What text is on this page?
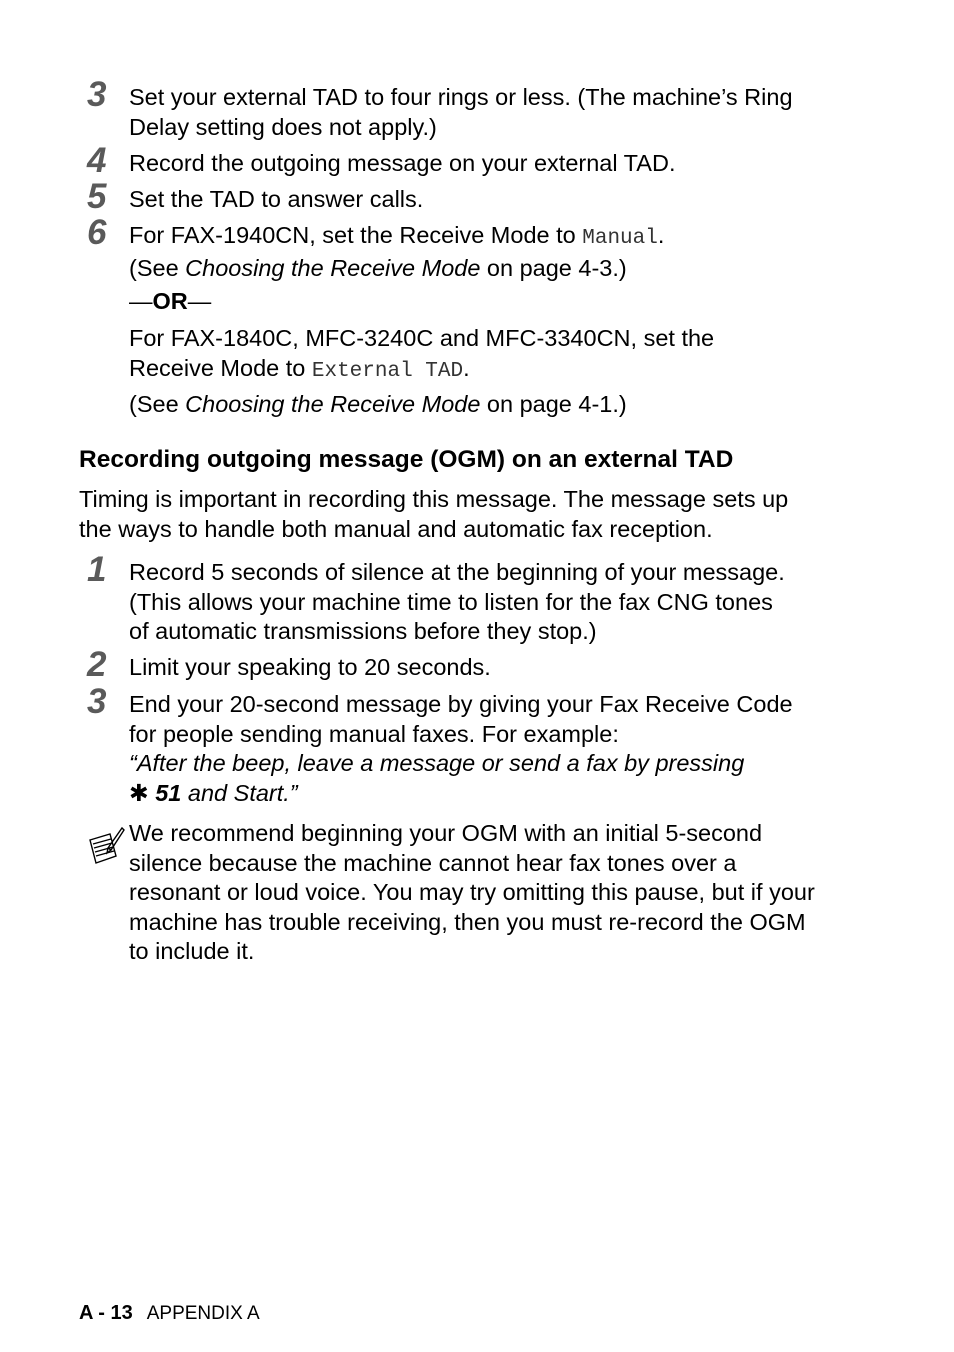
3 Set your external TAD to four rings or less. (The machine’s Ring
Delay setting does not apply.)
4 Record the outgoing message on your external TAD.
5 Set the TAD to answer calls.
6 For FAX-1940CN, set the Receive Mode to Manual.
(See Choosing the Receive Mode on page 4-3.)
—OR—
For FAX-1840C, MFC-3240C and MFC-3340CN, set the
Receive Mode to External TAD.
(See Choosing the Receive Mode on page 4-1.)
Recording outgoing message (OGM) on an external TAD
Timing is important in recording this message. The message sets up
the ways to handle both manual and automatic fax reception.
1 Record 5 seconds of silence at the beginning of your message.
(This allows your machine time to listen for the fax CNG tones
of automatic transmissions before they stop.)
2 Limit your speaking to 20 seconds.
3 End your 20-second message by giving your Fax Receive Code
for people sending manual faxes. For example:
“After the beep, leave a message or send a fax by pressing
✱ 51 and Start.”
We recommend beginning your OGM with an initial 5-second
silence because the machine cannot hear fax tones over a
resonant or loud voice. You may try omitting this pause, but if your
machine has trouble receiving, then you must re-record the OGM
to include it.
A - 13 APPENDIX A
